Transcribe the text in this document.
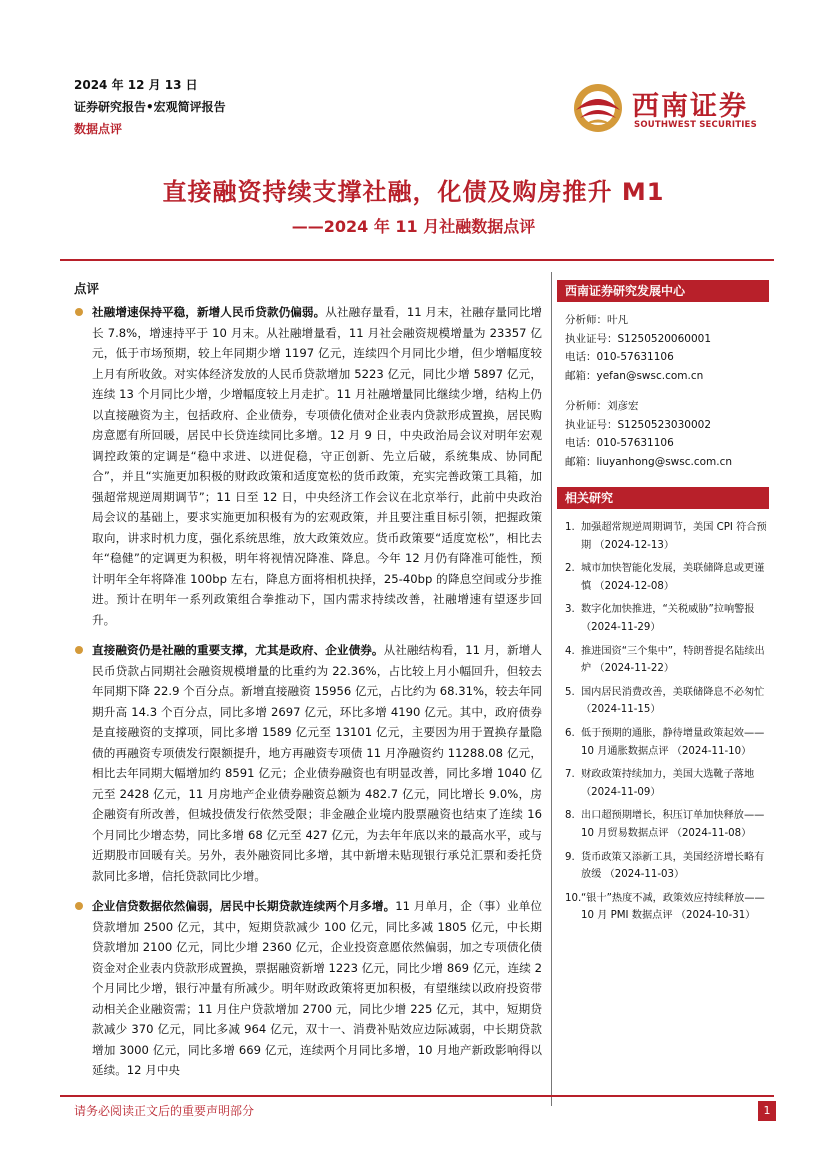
2024 年 12 月 13 日
证券研究报告•宏观简评报告
数据点评
西南证券
SOUTHWEST SECURITIES
直接融资持续支撑社融，化债及购房推升 M1
——2024 年 11 月社融数据点评
点评
社融增速保持平稳，新增人民币贷款仍偏弱。从社融存量看，11 月末，社融存量同比增长 7.8%，增速持平于 10 月末。从社融增量看，11 月社会融资规模增量为 23357 亿元，低于市场预期，较上年同期少增 1197 亿元，连续四个月同比少增，但少增幅度较上月有所收敛。对实体经济发放的人民币贷款增加 5223 亿元，同比少增 5897 亿元，连续 13 个月同比少增，少增幅度较上月走扩。11 月社融增量同比继续少增，结构上仍以直接融资为主，包括政府、企业债券，专项债化债对企业表内贷款形成置换，居民购房意愿有所回暖，居民中长贷连续同比多增。12 月 9 日，中央政治局会议对明年宏观调控政策的定调是“稳中求进、以进促稳，守正创新、先立后破，系统集成、协同配合”，并且“实施更加积极的财政政策和适度宽松的货币政策，充实完善政策工具箱，加强超常规逆周期调节”；11 日至 12 日，中央经济工作会议在北京举行，此前中央政治局会议的基础上，要求实施更加积极有为的宏观政策，并且要注重目标引领，把握政策取向，讲求时机力度，强化系统思维，放大政策效应。货币政策要“适度宽松”，相比去年“稳健”的定调更为积极，明年将视情况降准、降息。今年 12 月仍有降准可能性，预计明年全年将降准 100bp 左右，降息方面将相机抉择，25-40bp 的降息空间或分步推进。预计在明年一系列政策组合拳推动下，国内需求持续改善，社融增速有望逐步回升。
直接融资仍是社融的重要支撑，尤其是政府、企业债券。从社融结构看，11 月，新增人民币贷款占同期社会融资规模增量的比重约为 22.36%，占比较上月小幅回升，但较去年同期下降 22.9 个百分点。新增直接融资 15956 亿元，占比约为 68.31%，较去年同期升高 14.3 个百分点，同比多增 2697 亿元，环比多增 4190 亿元。其中，政府债券是直接融资的支撑项，同比多增 1589 亿元至 13101 亿元，主要因为用于置换存量隐债的再融资专项债发行限额提升，地方再融资专项债 11 月净融资约 11288.08 亿元，相比去年同期大幅增加约 8591 亿元；企业债券融资也有明显改善，同比多增 1040 亿元至 2428 亿元，11 月房地产企业债券融资总额为 482.7 亿元，同比增长 9.0%，房企融资有所改善，但城投债发行依然受限；非金融企业境内股票融资也结束了连续 16 个月同比少增态势，同比多增 68 亿元至 427 亿元，为去年年底以来的最高水平，或与近期股市回暖有关。另外，表外融资同比多增，其中新增未贴现银行承兑汇票和委托贷款同比多增，信托贷款同比少增。
企业信贷数据依然偏弱，居民中长期贷款连续两个月多增。11 月单月，企（事）业单位贷款增加 2500 亿元，其中，短期贷款减少 100 亿元，同比多减 1805 亿元，中长期贷款增加 2100 亿元，同比少增 2360 亿元，企业投资意愿依然偏弱，加之专项债化债资金对企业表内贷款形成置换，票据融资新增 1223 亿元，同比少增 869 亿元，连续 2 个月同比少增，银行冲量有所减少。明年财政政策将更加积极，有望继续以政府投资带动相关企业融资需；11 月住户贷款增加 2700 元，同比少增 225 亿元，其中，短期贷款减少 370 亿元，同比多减 964 亿元，双十一、消费补贴效应边际减弱，中长期贷款增加 3000 亿元，同比多增 669 亿元，连续两个月同比多增，10 月地产新政影响得以延续。12 月中央
西南证券研究发展中心
分析师：叶凡
执业证号：S1250520060001
电话：010-57631106
邮箱：yefan@swsc.com.cn
分析师：刘彦宏
执业证号：S1250523030002
电话：010-57631106
邮箱：liuyanhong@swsc.com.cn
相关研究
1. 加强超常规逆周期调节，美国 CPI 符合预期 （2024-12-13）
2. 城市加快智能化发展，美联储降息或更谨慎 （2024-12-08）
3. 数字化加快推进，“关税威胁”拉响警报 （2024-11-29）
4. 推进国资“三个集中”，特朗普提名陆续出炉 （2024-11-22）
5. 国内居民消费改善，美联储降息不必匆忙 （2024-11-15）
6. 低于预期的通胀，静待增量政策起效——10 月通胀数据点评 （2024-11-10）
7. 财政政策持续加力，美国大选靴子落地 （2024-11-09）
8. 出口超预期增长，积压订单加快释放——10 月贸易数据点评 （2024-11-08）
9. 货币政策又添新工具，美国经济增长略有放缓 （2024-11-03）
10. “银十”热度不减，政策效应持续释放——10 月 PMI 数据点评 （2024-10-31）
请务必阅读正文后的重要声明部分	1
